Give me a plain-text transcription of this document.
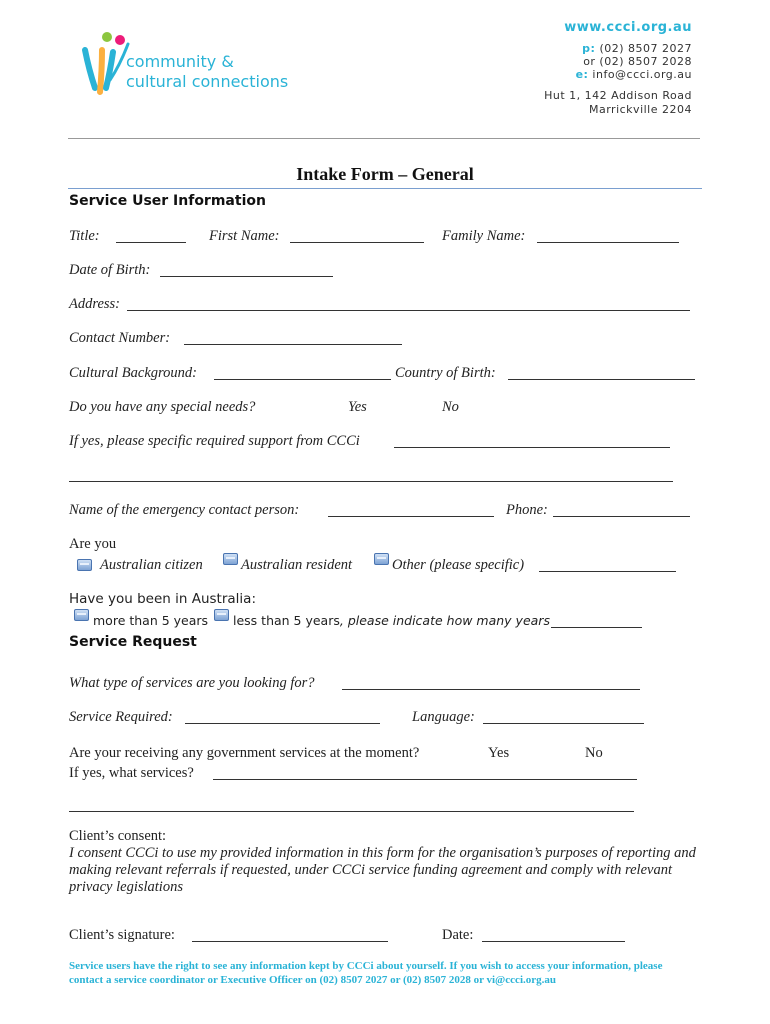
community &
cultural connections
www.ccci.org.au
p: (02) 8507 2027
or (02) 8507 2028
e: info@ccci.org.au
Hut 1, 142 Addison Road
Marrickville 2204
Intake Form – General
Service User Information
Title:	First Name:	Family Name:
Date of Birth:
Address:
Contact Number:
Cultural Background:	Country of Birth:
Do you have any special needs?	Yes	No
If yes, please specific required support from CCCi
Name of the emergency contact person:	Phone:
Are you
Australian citizen	Australian resident	Other (please specific)
Have you been in Australia:
more than 5 years less than 5 years, please indicate how many years
Service Request
What type of services are you looking for?
Service Required:	Language:
Are your receiving any government services at the moment?	Yes	No
If yes, what services?
Client’s consent:
I consent CCCi to use my provided information in this form for the organisation’s purposes of reporting and making relevant referrals if requested, under CCCi service funding agreement and comply with relevant privacy legislations
Client’s signature:	Date:
Service users have the right to see any information kept by CCCi about yourself. If you wish to access your information, please contact a service coordinator or Executive Officer on (02) 8507 2027 or (02) 8507 2028 or vi@ccci.org.au
